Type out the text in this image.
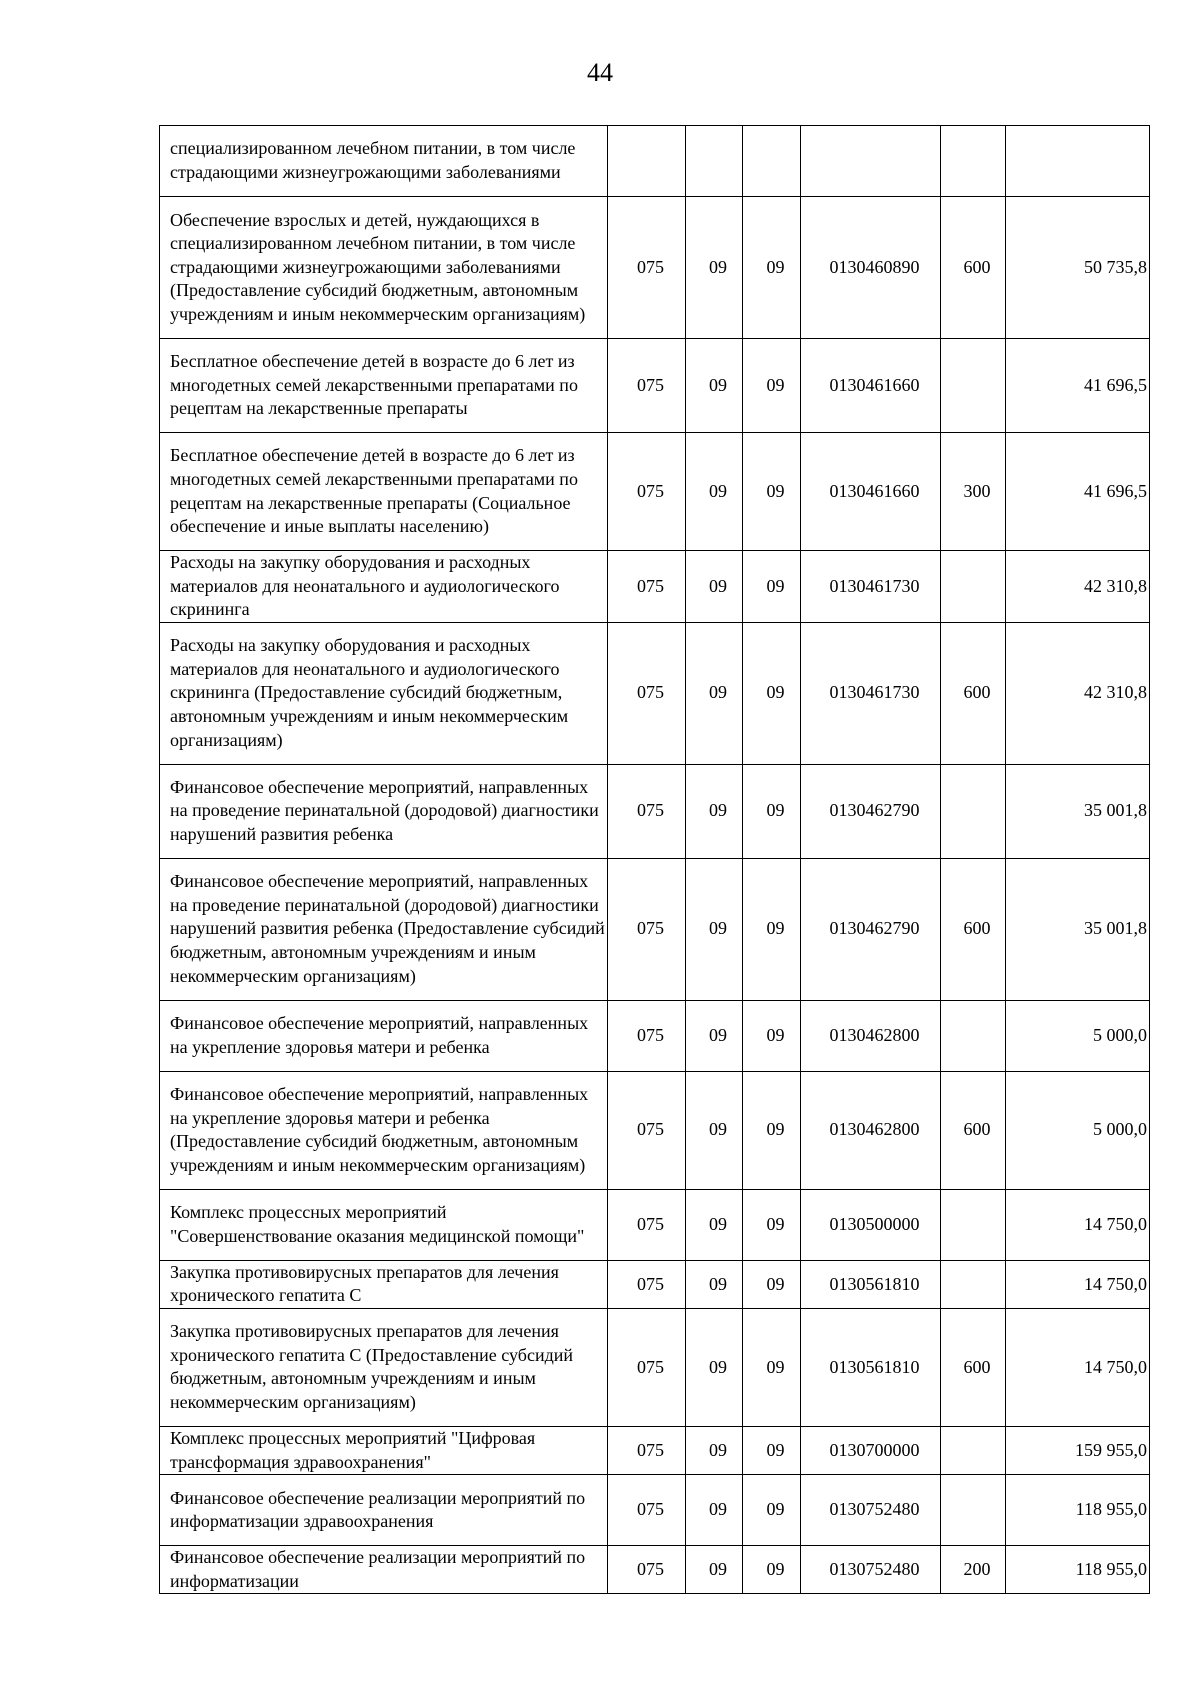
44
специализированном лечебном питании, в том числе страдающими жизнеугрожающими заболеваниями						
Обеспечение взрослых и детей, нуждающихся в специализированном лечебном питании, в том числе страдающими жизнеугрожающими заболеваниями (Предоставление субсидий бюджетным, автономным учреждениям и иным некоммерческим организациям)	075	09	09	0130460890	600	50 735,8
Бесплатное обеспечение детей в возрасте до 6 лет из многодетных семей лекарственными препаратами по рецептам на лекарственные препараты	075	09	09	0130461660		41 696,5
Бесплатное обеспечение детей в возрасте до 6 лет из многодетных семей лекарственными препаратами по рецептам на лекарственные препараты (Социальное обеспечение и иные выплаты населению)	075	09	09	0130461660	300	41 696,5
Расходы на закупку оборудования и расходных материалов для неонатального и аудиологического скрининга	075	09	09	0130461730		42 310,8
Расходы на закупку оборудования и расходных материалов для неонатального и аудиологического скрининга (Предоставление субсидий бюджетным, автономным учреждениям и иным некоммерческим организациям)	075	09	09	0130461730	600	42 310,8
Финансовое обеспечение мероприятий, направленных на проведение перинатальной (дородовой) диагностики нарушений развития ребенка	075	09	09	0130462790		35 001,8
Финансовое обеспечение мероприятий, направленных на проведение перинатальной (дородовой) диагностики нарушений развития ребенка (Предоставление субсидий бюджетным, автономным учреждениям и иным некоммерческим организациям)	075	09	09	0130462790	600	35 001,8
Финансовое обеспечение мероприятий, направленных на укрепление здоровья матери и ребенка	075	09	09	0130462800		5 000,0
Финансовое обеспечение мероприятий, направленных на укрепление здоровья матери и ребенка (Предоставление субсидий бюджетным, автономным учреждениям и иным некоммерческим организациям)	075	09	09	0130462800	600	5 000,0
Комплекс процессных мероприятий "Совершенствование оказания медицинской помощи"	075	09	09	0130500000		14 750,0
Закупка противовирусных препаратов для лечения хронического гепатита С	075	09	09	0130561810		14 750,0
Закупка противовирусных препаратов для лечения хронического гепатита С (Предоставление субсидий бюджетным, автономным учреждениям и иным некоммерческим организациям)	075	09	09	0130561810	600	14 750,0
Комплекс процессных мероприятий "Цифровая трансформация здравоохранения"	075	09	09	0130700000		159 955,0
Финансовое обеспечение реализации мероприятий по информатизации здравоохранения	075	09	09	0130752480		118 955,0
Финансовое обеспечение реализации мероприятий по информатизации	075	09	09	0130752480	200	118 955,0
